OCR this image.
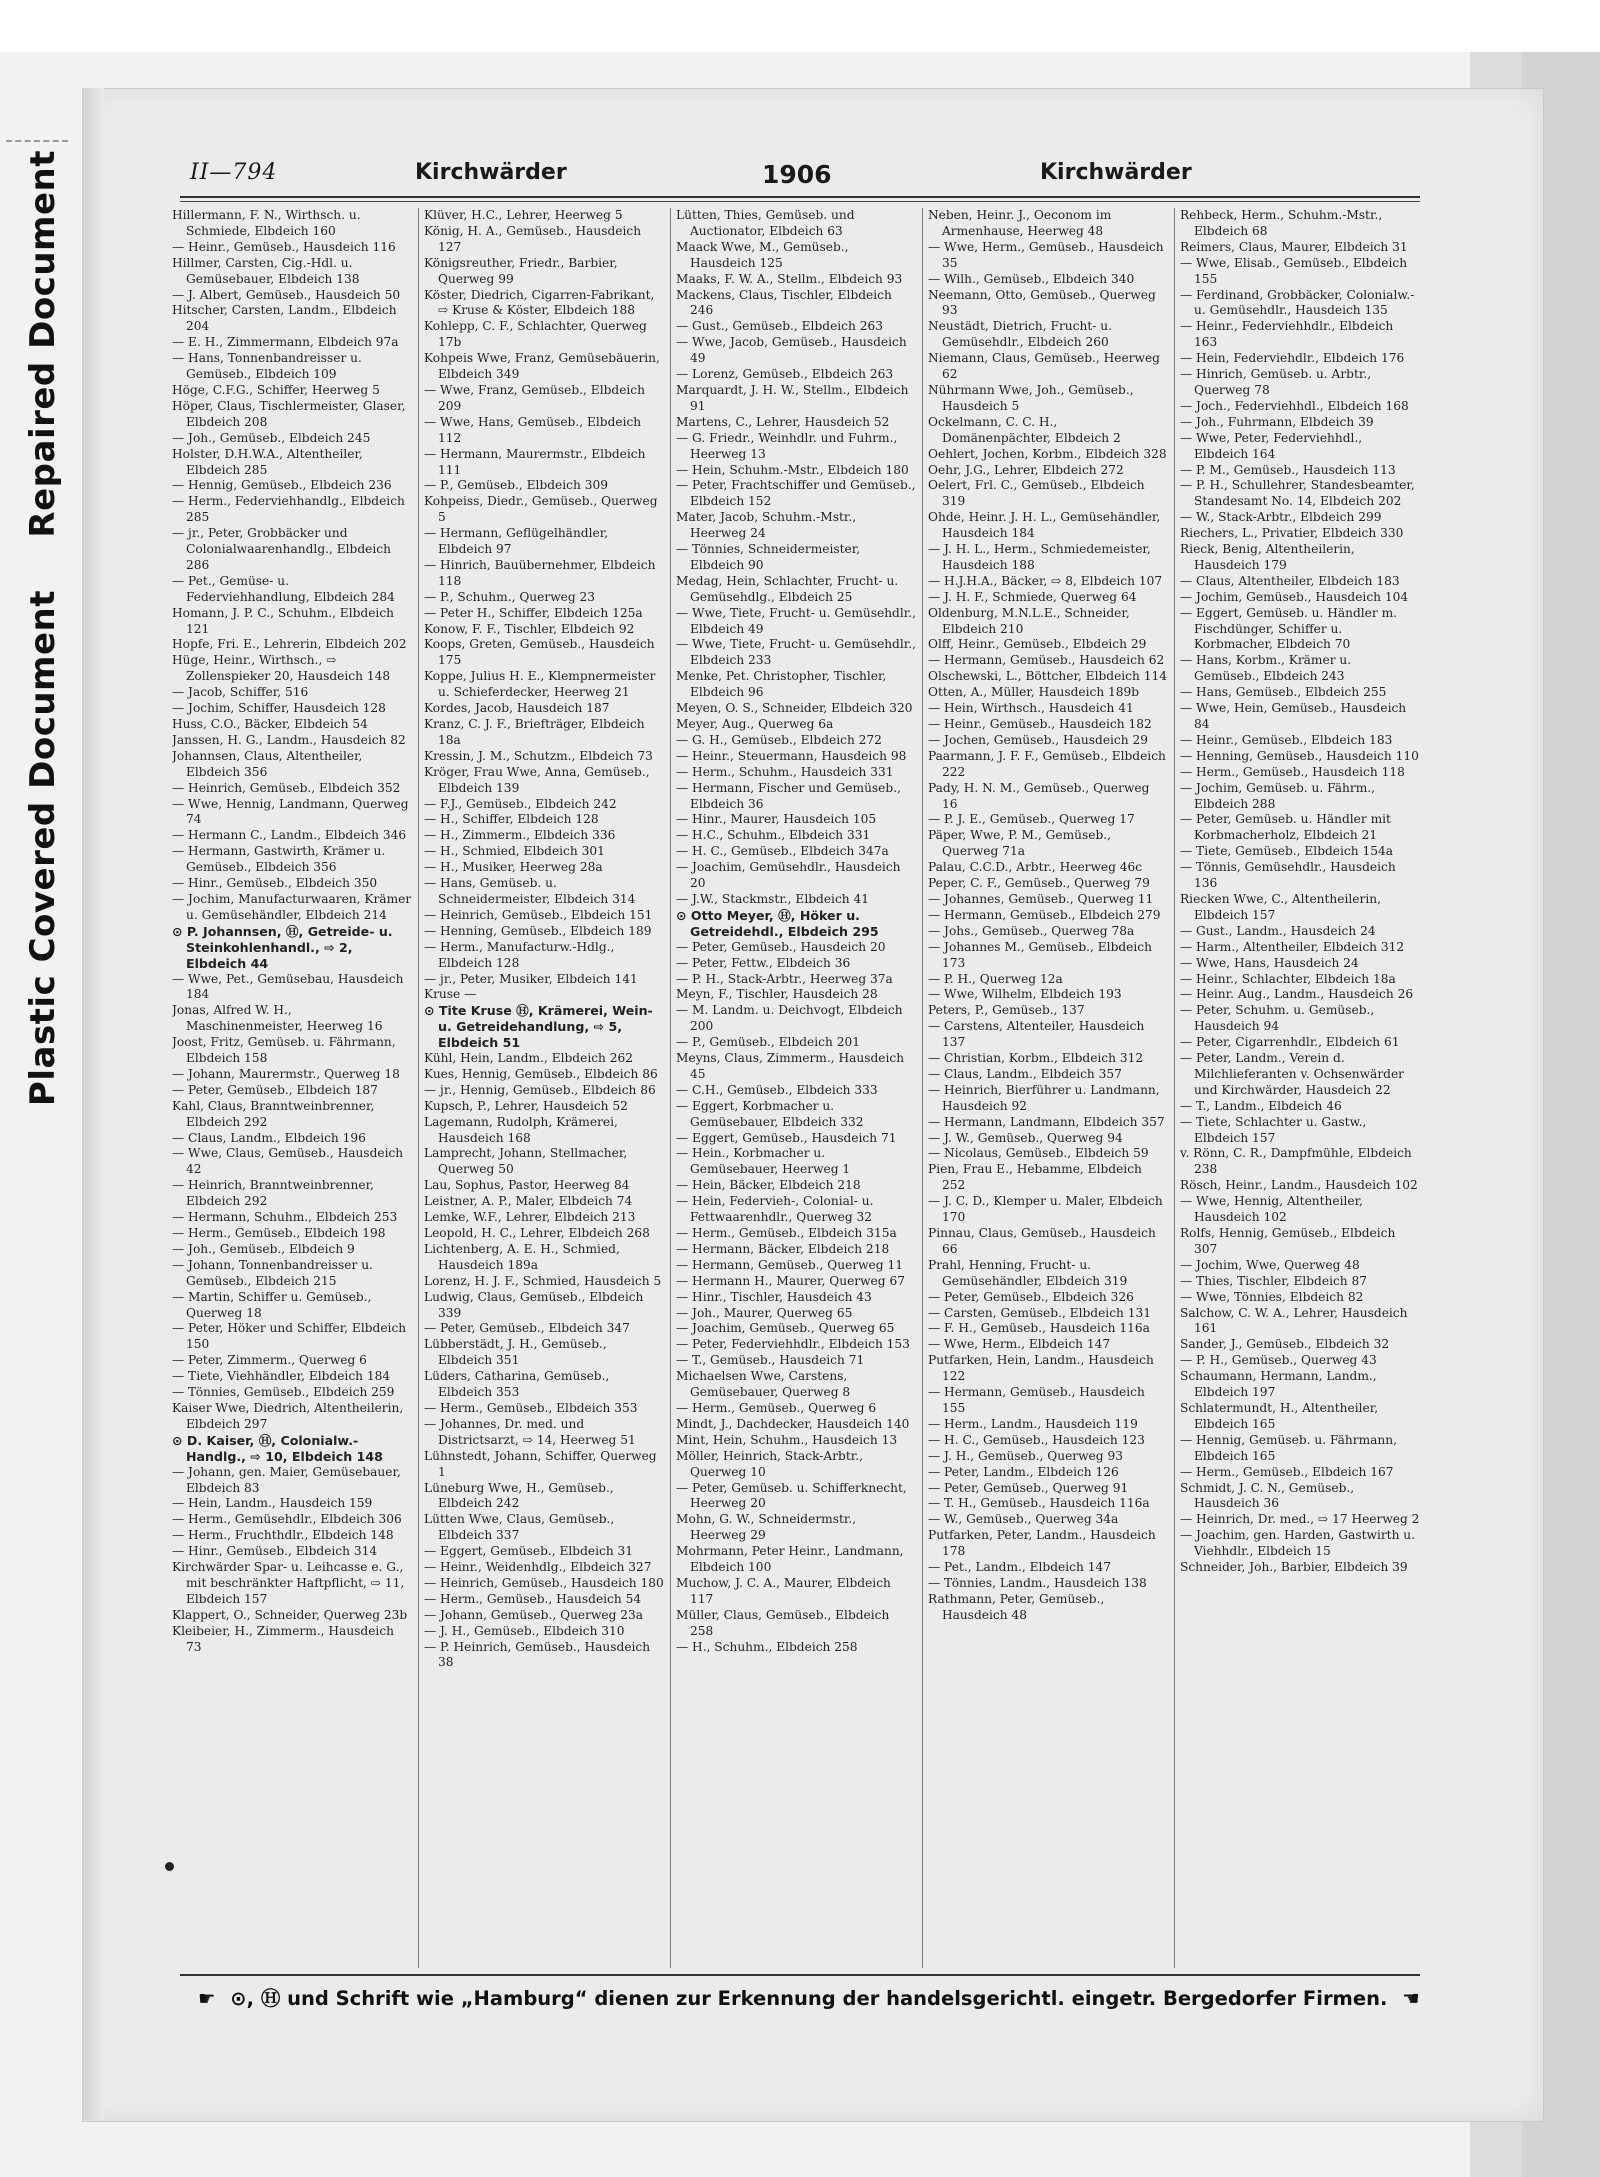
Repaired Document
Plastic Covered Document
II—794	Kirchwärder	1906	Kirchwärder

Hillermann, F. N., Wirthsch. u. Schmiede, Elbdeich 160

— Heinr., Gemüseb., Hausdeich 116

Hillmer, Carsten, Cig.-Hdl. u. Gemüsebauer, Elbdeich 138

— J. Albert, Gemüseb., Hausdeich 50

Hitscher, Carsten, Landm., Elbdeich 204

— E. H., Zimmermann, Elbdeich 97a

— Hans, Tonnenbandreisser u. Gemüseb., Elbdeich 109

Höge, C.F.G., Schiffer, Heerweg 5

Höper, Claus, Tischlermeister, Glaser, Elbdeich 208

— Joh., Gemüseb., Elbdeich 245

Holster, D.H.W.A., Altentheiler, Elbdeich 285

— Hennig, Gemüseb., Elbdeich 236

— Herm., Federviehhandlg., Elbdeich 285

— jr., Peter, Grobbäcker und Colonialwaarenhandlg., Elbdeich 286

— Pet., Gemüse- u. Federviehhandlung, Elbdeich 284

Homann, J. P. C., Schuhm., Elbdeich 121

Hopfe, Fri. E., Lehrerin, Elbdeich 202

Hüge, Heinr., Wirthsch., ⇨ Zollenspieker 20, Hausdeich 148

— Jacob, Schiffer, 516

— Jochim, Schiffer, Hausdeich 128

Huss, C.O., Bäcker, Elbdeich 54

Janssen, H. G., Landm., Hausdeich 82

Johannsen, Claus, Altentheiler, Elbdeich 356

— Heinrich, Gemüseb., Elbdeich 352

— Wwe, Hennig, Landmann, Querweg 74

— Hermann C., Landm., Elbdeich 346

— Hermann, Gastwirth, Krämer u. Gemüseb., Elbdeich 356

— Hinr., Gemüseb., Elbdeich 350

— Jochim, Manufacturwaaren, Krämer u. Gemüsehändler, Elbdeich 214

⊙ P. Johannsen, Ⓗ, Getreide- u. Steinkohlenhandl., ⇨ 2, Elbdeich 44

— Wwe, Pet., Gemüsebau, Hausdeich 184

Jonas, Alfred W. H., Maschinenmeister, Heerweg 16

Joost, Fritz, Gemüseb. u. Fährmann, Elbdeich 158

— Johann, Maurermstr., Querweg 18

— Peter, Gemüseb., Elbdeich 187

Kahl, Claus, Branntweinbrenner, Elbdeich 292

— Claus, Landm., Elbdeich 196

— Wwe, Claus, Gemüseb., Hausdeich 42

— Heinrich, Branntweinbrenner, Elbdeich 292

— Hermann, Schuhm., Elbdeich 253

— Herm., Gemüseb., Elbdeich 198

— Joh., Gemüseb., Elbdeich 9

— Johann, Tonnenbandreisser u. Gemüseb., Elbdeich 215

— Martin, Schiffer u. Gemüseb., Querweg 18

— Peter, Höker und Schiffer, Elbdeich 150

— Peter, Zimmerm., Querweg 6

— Tiete, Viehhändler, Elbdeich 184

— Tönnies, Gemüseb., Elbdeich 259

Kaiser Wwe, Diedrich, Altentheilerin, Elbdeich 297

⊙ D. Kaiser, Ⓗ, Colonialw.-Handlg., ⇨ 10, Elbdeich 148

— Johann, gen. Maier, Gemüsebauer, Elbdeich 83

— Hein, Landm., Hausdeich 159

— Herm., Gemüsehdlr., Elbdeich 306

— Herm., Fruchthdlr., Elbdeich 148

— Hinr., Gemüseb., Elbdeich 314

Kirchwärder Spar- u. Leihcasse e. G., mit beschränkter Haftpflicht, ⇨ 11, Elbdeich 157

Klappert, O., Schneider, Querweg 23b

Kleibeier, H., Zimmerm., Hausdeich 73

Klüver, H.C., Lehrer, Heerweg 5

König, H. A., Gemüseb., Hausdeich 127

Königsreuther, Friedr., Barbier, Querweg 99

Köster, Diedrich, Cigarren-Fabrikant, ⇨ Kruse & Köster, Elbdeich 188

Kohlepp, C. F., Schlachter, Querweg 17b

Kohpeis Wwe, Franz, Gemüsebäuerin, Elbdeich 349

— Wwe, Franz, Gemüseb., Elbdeich 209

— Wwe, Hans, Gemüseb., Elbdeich 112

— Hermann, Maurermstr., Elbdeich 111

— P., Gemüseb., Elbdeich 309

Kohpeiss, Diedr., Gemüseb., Querweg 5

— Hermann, Geflügelhändler, Elbdeich 97

— Hinrich, Bauübernehmer, Elbdeich 118

— P., Schuhm., Querweg 23

— Peter H., Schiffer, Elbdeich 125a

Konow, F. F., Tischler, Elbdeich 92

Koops, Greten, Gemüseb., Hausdeich 175

Koppe, Julius H. E., Klempnermeister u. Schieferdecker, Heerweg 21

Kordes, Jacob, Hausdeich 187

Kranz, C. J. F., Briefträger, Elbdeich 18a

Kressin, J. M., Schutzm., Elbdeich 73

Kröger, Frau Wwe, Anna, Gemüseb., Elbdeich 139

— F.J., Gemüseb., Elbdeich 242

— H., Schiffer, Elbdeich 128

— H., Zimmerm., Elbdeich 336

— H., Schmied, Elbdeich 301

— H., Musiker, Heerweg 28a

— Hans, Gemüseb. u. Schneidermeister, Elbdeich 314

— Heinrich, Gemüseb., Elbdeich 151

— Henning, Gemüseb., Elbdeich 189

— Herm., Manufacturw.-Hdlg., Elbdeich 128

— jr., Peter, Musiker, Elbdeich 141

Kruse —

⊙ Tite Kruse Ⓗ, Krämerei, Wein- u. Getreidehandlung, ⇨ 5, Elbdeich 51

Kühl, Hein, Landm., Elbdeich 262

Kues, Hennig, Gemüseb., Elbdeich 86

— jr., Hennig, Gemüseb., Elbdeich 86

Kupsch, P., Lehrer, Hausdeich 52

Lagemann, Rudolph, Krämerei, Hausdeich 168

Lamprecht, Johann, Stellmacher, Querweg 50

Lau, Sophus, Pastor, Heerweg 84

Leistner, A. P., Maler, Elbdeich 74

Lemke, W.F., Lehrer, Elbdeich 213

Leopold, H. C., Lehrer, Elbdeich 268

Lichtenberg, A. E. H., Schmied, Hausdeich 189a

Lorenz, H. J. F., Schmied, Hausdeich 5

Ludwig, Claus, Gemüseb., Elbdeich 339

— Peter, Gemüseb., Elbdeich 347

Lübberstädt, J. H., Gemüseb., Elbdeich 351

Lüders, Catharina, Gemüseb., Elbdeich 353

— Herm., Gemüseb., Elbdeich 353

— Johannes, Dr. med. und Districtsarzt, ⇨ 14, Heerweg 51

Lühnstedt, Johann, Schiffer, Querweg 1

Lüneburg Wwe, H., Gemüseb., Elbdeich 242

Lütten Wwe, Claus, Gemüseb., Elbdeich 337

— Eggert, Gemüseb., Elbdeich 31

— Heinr., Weidenhdlg., Elbdeich 327

— Heinrich, Gemüseb., Hausdeich 180

— Herm., Gemüseb., Hausdeich 54

— Johann, Gemüseb., Querweg 23a

— J. H., Gemüseb., Elbdeich 310

— P. Heinrich, Gemüseb., Hausdeich 38

Lütten, Thies, Gemüseb. und Auctionator, Elbdeich 63

Maack Wwe, M., Gemüseb., Hausdeich 125

Maaks, F. W. A., Stellm., Elbdeich 93

Mackens, Claus, Tischler, Elbdeich 246

— Gust., Gemüseb., Elbdeich 263

— Wwe, Jacob, Gemüseb., Hausdeich 49

— Lorenz, Gemüseb., Elbdeich 263

Marquardt, J. H. W., Stellm., Elbdeich 91

Martens, C., Lehrer, Hausdeich 52

— G. Friedr., Weinhdlr. und Fuhrm., Heerweg 13

— Hein, Schuhm.-Mstr., Elbdeich 180

— Peter, Frachtschiffer und Gemüseb., Elbdeich 152

Mater, Jacob, Schuhm.-Mstr., Heerweg 24

— Tönnies, Schneidermeister, Elbdeich 90

Medag, Hein, Schlachter, Frucht- u. Gemüsehdlg., Elbdeich 25

— Wwe, Tiete, Frucht- u. Gemüsehdlr., Elbdeich 49

— Wwe, Tiete, Frucht- u. Gemüsehdlr., Elbdeich 233

Menke, Pet. Christopher, Tischler, Elbdeich 96

Meyen, O. S., Schneider, Elbdeich 320

Meyer, Aug., Querweg 6a

— G. H., Gemüseb., Elbdeich 272

— Heinr., Steuermann, Hausdeich 98

— Herm., Schuhm., Hausdeich 331

— Hermann, Fischer und Gemüseb., Elbdeich 36

— Hinr., Maurer, Hausdeich 105

— H.C., Schuhm., Elbdeich 331

— H. C., Gemüseb., Elbdeich 347a

— Joachim, Gemüsehdlr., Hausdeich 20

— J.W., Stackmstr., Elbdeich 41

⊙ Otto Meyer, Ⓗ, Höker u. Getreidehdl., Elbdeich 295

— Peter, Gemüseb., Hausdeich 20

— Peter, Fettw., Elbdeich 36

— P. H., Stack-Arbtr., Heerweg 37a

Meyn, F., Tischler, Hausdeich 28

— M. Landm. u. Deichvogt, Elbdeich 200

— P., Gemüseb., Elbdeich 201

Meyns, Claus, Zimmerm., Hausdeich 45

— C.H., Gemüseb., Elbdeich 333

— Eggert, Korbmacher u. Gemüsebauer, Elbdeich 332

— Eggert, Gemüseb., Hausdeich 71

— Hein., Korbmacher u. Gemüsebauer, Heerweg 1

— Hein, Bäcker, Elbdeich 218

— Hein, Federvieh-, Colonial- u. Fettwaarenhdlr., Querweg 32

— Herm., Gemüseb., Elbdeich 315a

— Hermann, Bäcker, Elbdeich 218

— Hermann, Gemüseb., Querweg 11

— Hermann H., Maurer, Querweg 67

— Hinr., Tischler, Hausdeich 43

— Joh., Maurer, Querweg 65

— Joachim, Gemüseb., Querweg 65

— Peter, Federviehhdlr., Elbdeich 153

— T., Gemüseb., Hausdeich 71

Michaelsen Wwe, Carstens, Gemüsebauer, Querweg 8

— Herm., Gemüseb., Querweg 6

Mindt, J., Dachdecker, Hausdeich 140

Mint, Hein, Schuhm., Hausdeich 13

Möller, Heinrich, Stack-Arbtr., Querweg 10

— Peter, Gemüseb. u. Schifferknecht, Heerweg 20

Mohn, G. W., Schneidermstr., Heerweg 29

Mohrmann, Peter Heinr., Landmann, Elbdeich 100

Muchow, J. C. A., Maurer, Elbdeich 117

Müller, Claus, Gemüseb., Elbdeich 258

— H., Schuhm., Elbdeich 258

Neben, Heinr. J., Oeconom im Armenhause, Heerweg 48

— Wwe, Herm., Gemüseb., Hausdeich 35

— Wilh., Gemüseb., Elbdeich 340

Neemann, Otto, Gemüseb., Querweg 93

Neustädt, Dietrich, Frucht- u. Gemüsehdlr., Elbdeich 260

Niemann, Claus, Gemüseb., Heerweg 62

Nührmann Wwe, Joh., Gemüseb., Hausdeich 5

Ockelmann, C. C. H., Domänenpächter, Elbdeich 2

Oehlert, Jochen, Korbm., Elbdeich 328

Oehr, J.G., Lehrer, Elbdeich 272

Oelert, Frl. C., Gemüseb., Elbdeich 319

Ohde, Heinr. J. H. L., Gemüsehändler, Hausdeich 184

— J. H. L., Herm., Schmiedemeister, Hausdeich 188

— H.J.H.A., Bäcker, ⇨ 8, Elbdeich 107

— J. H. F., Schmiede, Querweg 64

Oldenburg, M.N.L.E., Schneider, Elbdeich 210

Olff, Heinr., Gemüseb., Elbdeich 29

— Hermann, Gemüseb., Hausdeich 62

Olschewski, L., Böttcher, Elbdeich 114

Otten, A., Müller, Hausdeich 189b

— Hein, Wirthsch., Hausdeich 41

— Heinr., Gemüseb., Hausdeich 182

— Jochen, Gemüseb., Hausdeich 29

Paarmann, J. F. F., Gemüseb., Elbdeich 222

Pady, H. N. M., Gemüseb., Querweg 16

— P. J. E., Gemüseb., Querweg 17

Päper, Wwe, P. M., Gemüseb., Querweg 71a

Palau, C.C.D., Arbtr., Heerweg 46c

Peper, C. F., Gemüseb., Querweg 79

— Johannes, Gemüseb., Querweg 11

— Hermann, Gemüseb., Elbdeich 279

— Johs., Gemüseb., Querweg 78a

— Johannes M., Gemüseb., Elbdeich 173

— P. H., Querweg 12a

— Wwe, Wilhelm, Elbdeich 193

Peters, P., Gemüseb., 137

— Carstens, Altenteiler, Hausdeich 137

— Christian, Korbm., Elbdeich 312

— Claus, Landm., Elbdeich 357

— Heinrich, Bierführer u. Landmann, Hausdeich 92

— Hermann, Landmann, Elbdeich 357

— J. W., Gemüseb., Querweg 94

— Nicolaus, Gemüseb., Elbdeich 59

Pien, Frau E., Hebamme, Elbdeich 252

— J. C. D., Klemper u. Maler, Elbdeich 170

Pinnau, Claus, Gemüseb., Hausdeich 66

Prahl, Henning, Frucht- u. Gemüsehändler, Elbdeich 319

— Peter, Gemüseb., Elbdeich 326

— Carsten, Gemüseb., Elbdeich 131

— F. H., Gemüseb., Hausdeich 116a

— Wwe, Herm., Elbdeich 147

Putfarken, Hein, Landm., Hausdeich 122

— Hermann, Gemüseb., Hausdeich 155

— Herm., Landm., Hausdeich 119

— H. C., Gemüseb., Hausdeich 123

— J. H., Gemüseb., Querweg 93

— Peter, Landm., Elbdeich 126

— Peter, Gemüseb., Querweg 91

— T. H., Gemüseb., Hausdeich 116a

— W., Gemüseb., Querweg 34a

Putfarken, Peter, Landm., Hausdeich 178

— Pet., Landm., Elbdeich 147

— Tönnies, Landm., Hausdeich 138

Rathmann, Peter, Gemüseb., Hausdeich 48

Rehbeck, Herm., Schuhm.-Mstr., Elbdeich 68

Reimers, Claus, Maurer, Elbdeich 31

— Wwe, Elisab., Gemüseb., Elbdeich 155

— Ferdinand, Grobbäcker, Colonialw.- u. Gemüsehdlr., Hausdeich 135

— Heinr., Federviehhdlr., Elbdeich 163

— Hein, Federviehdlr., Elbdeich 176

— Hinrich, Gemüseb. u. Arbtr., Querweg 78

— Joch., Federviehhdl., Elbdeich 168

— Joh., Fuhrmann, Elbdeich 39

— Wwe, Peter, Federviehhdl., Elbdeich 164

— P. M., Gemüseb., Hausdeich 113

— P. H., Schullehrer, Standesbeamter, Standesamt No. 14, Elbdeich 202

— W., Stack-Arbtr., Elbdeich 299

Riechers, L., Privatier, Elbdeich 330

Rieck, Benig, Altentheilerin, Hausdeich 179

— Claus, Altentheiler, Elbdeich 183

— Jochim, Gemüseb., Hausdeich 104

— Eggert, Gemüseb. u. Händler m. Fischdünger, Schiffer u. Korbmacher, Elbdeich 70

— Hans, Korbm., Krämer u. Gemüseb., Elbdeich 243

— Hans, Gemüseb., Elbdeich 255

— Wwe, Hein, Gemüseb., Hausdeich 84

— Heinr., Gemüseb., Elbdeich 183

— Henning, Gemüseb., Hausdeich 110

— Herm., Gemüseb., Hausdeich 118

— Jochim, Gemüseb. u. Fährm., Elbdeich 288

— Peter, Gemüseb. u. Händler mit Korbmacherholz, Elbdeich 21

— Tiete, Gemüseb., Elbdeich 154a

— Tönnis, Gemüsehdlr., Hausdeich 136

Riecken Wwe, C., Altentheilerin, Elbdeich 157

— Gust., Landm., Hausdeich 24

— Harm., Altentheiler, Elbdeich 312

— Wwe, Hans, Hausdeich 24

— Heinr., Schlachter, Elbdeich 18a

— Heinr. Aug., Landm., Hausdeich 26

— Peter, Schuhm. u. Gemüseb., Hausdeich 94

— Peter, Cigarrenhdlr., Elbdeich 61

— Peter, Landm., Verein d. Milchlieferanten v. Ochsenwärder und Kirchwärder, Hausdeich 22

— T., Landm., Elbdeich 46

— Tiete, Schlachter u. Gastw., Elbdeich 157

v. Rönn, C. R., Dampfmühle, Elbdeich 238

Rösch, Heinr., Landm., Hausdeich 102

— Wwe, Hennig, Altentheiler, Hausdeich 102

Rolfs, Hennig, Gemüseb., Elbdeich 307

— Jochim, Wwe, Querweg 48

— Thies, Tischler, Elbdeich 87

— Wwe, Tönnies, Elbdeich 82

Salchow, C. W. A., Lehrer, Hausdeich 161

Sander, J., Gemüseb., Elbdeich 32

— P. H., Gemüseb., Querweg 43

Schaumann, Hermann, Landm., Elbdeich 197

Schlatermundt, H., Altentheiler, Elbdeich 165

— Hennig, Gemüseb. u. Fährmann, Elbdeich 165

— Herm., Gemüseb., Elbdeich 167

Schmidt, J. C. N., Gemüseb., Hausdeich 36

— Heinrich, Dr. med., ⇨ 17 Heerweg 2

— Joachim, gen. Harden, Gastwirth u. Viehhdlr., Elbdeich 15

Schneider, Joh., Barbier, Elbdeich 39

☛ ⊙, Ⓗ und Schrift wie „Hamburg“ dienen zur Erkennung der handelsgerichtl. eingetr. Bergedorfer Firmen. ☚
